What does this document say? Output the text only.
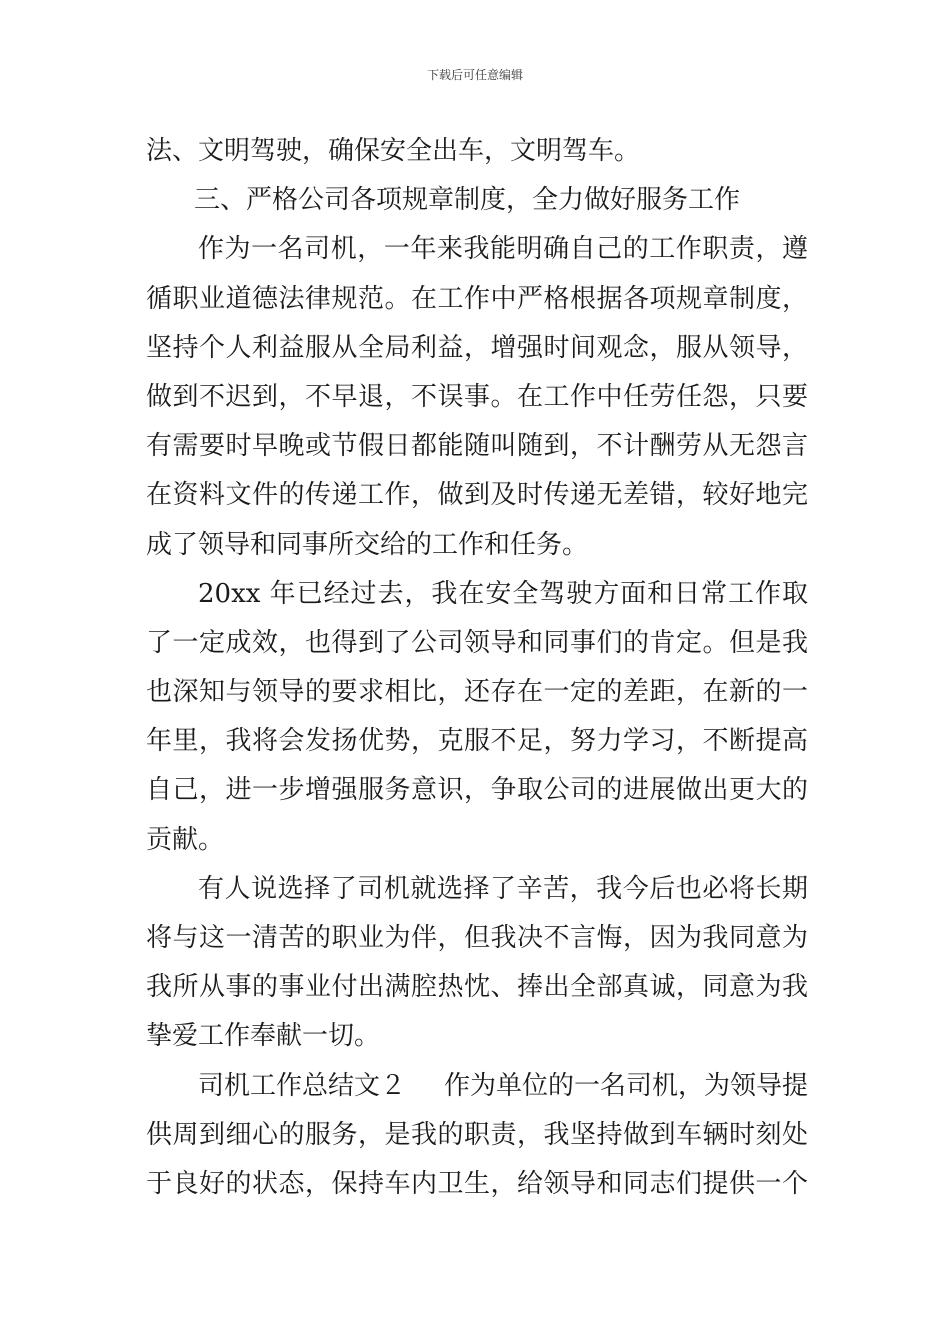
下载后可任意编辑
法、文明驾驶，确保安全出车，文明驾车。
三、严格公司各项规章制度，全力做好服务工作
作为一名司机，一年来我能明确自己的工作职责，遵
循职业道德法律规范。在工作中严格根据各项规章制度，
坚持个人利益服从全局利益，增强时间观念，服从领导，
做到不迟到，不早退，不误事。在工作中任劳任怨，只要
有需要时早晚或节假日都能随叫随到，不计酬劳从无怨言
在资料文件的传递工作，做到及时传递无差错，较好地完
成了领导和同事所交给的工作和任务。
20xx 年已经过去，我在安全驾驶方面和日常工作取
了一定成效，也得到了公司领导和同事们的肯定。但是我
也深知与领导的要求相比，还存在一定的差距，在新的一
年里，我将会发扬优势，克服不足，努力学习，不断提高
自己，进一步增强服务意识，争取公司的进展做出更大的
贡献。
有人说选择了司机就选择了辛苦，我今后也必将长期
将与这一清苦的职业为伴，但我决不言悔，因为我同意为
我所从事的事业付出满腔热忱、捧出全部真诚，同意为我
挚爱工作奉献一切。
司机工作总结文２ 作为单位的一名司机，为领导提
供周到细心的服务，是我的职责，我坚持做到车辆时刻处
于良好的状态，保持车内卫生，给领导和同志们提供一个
